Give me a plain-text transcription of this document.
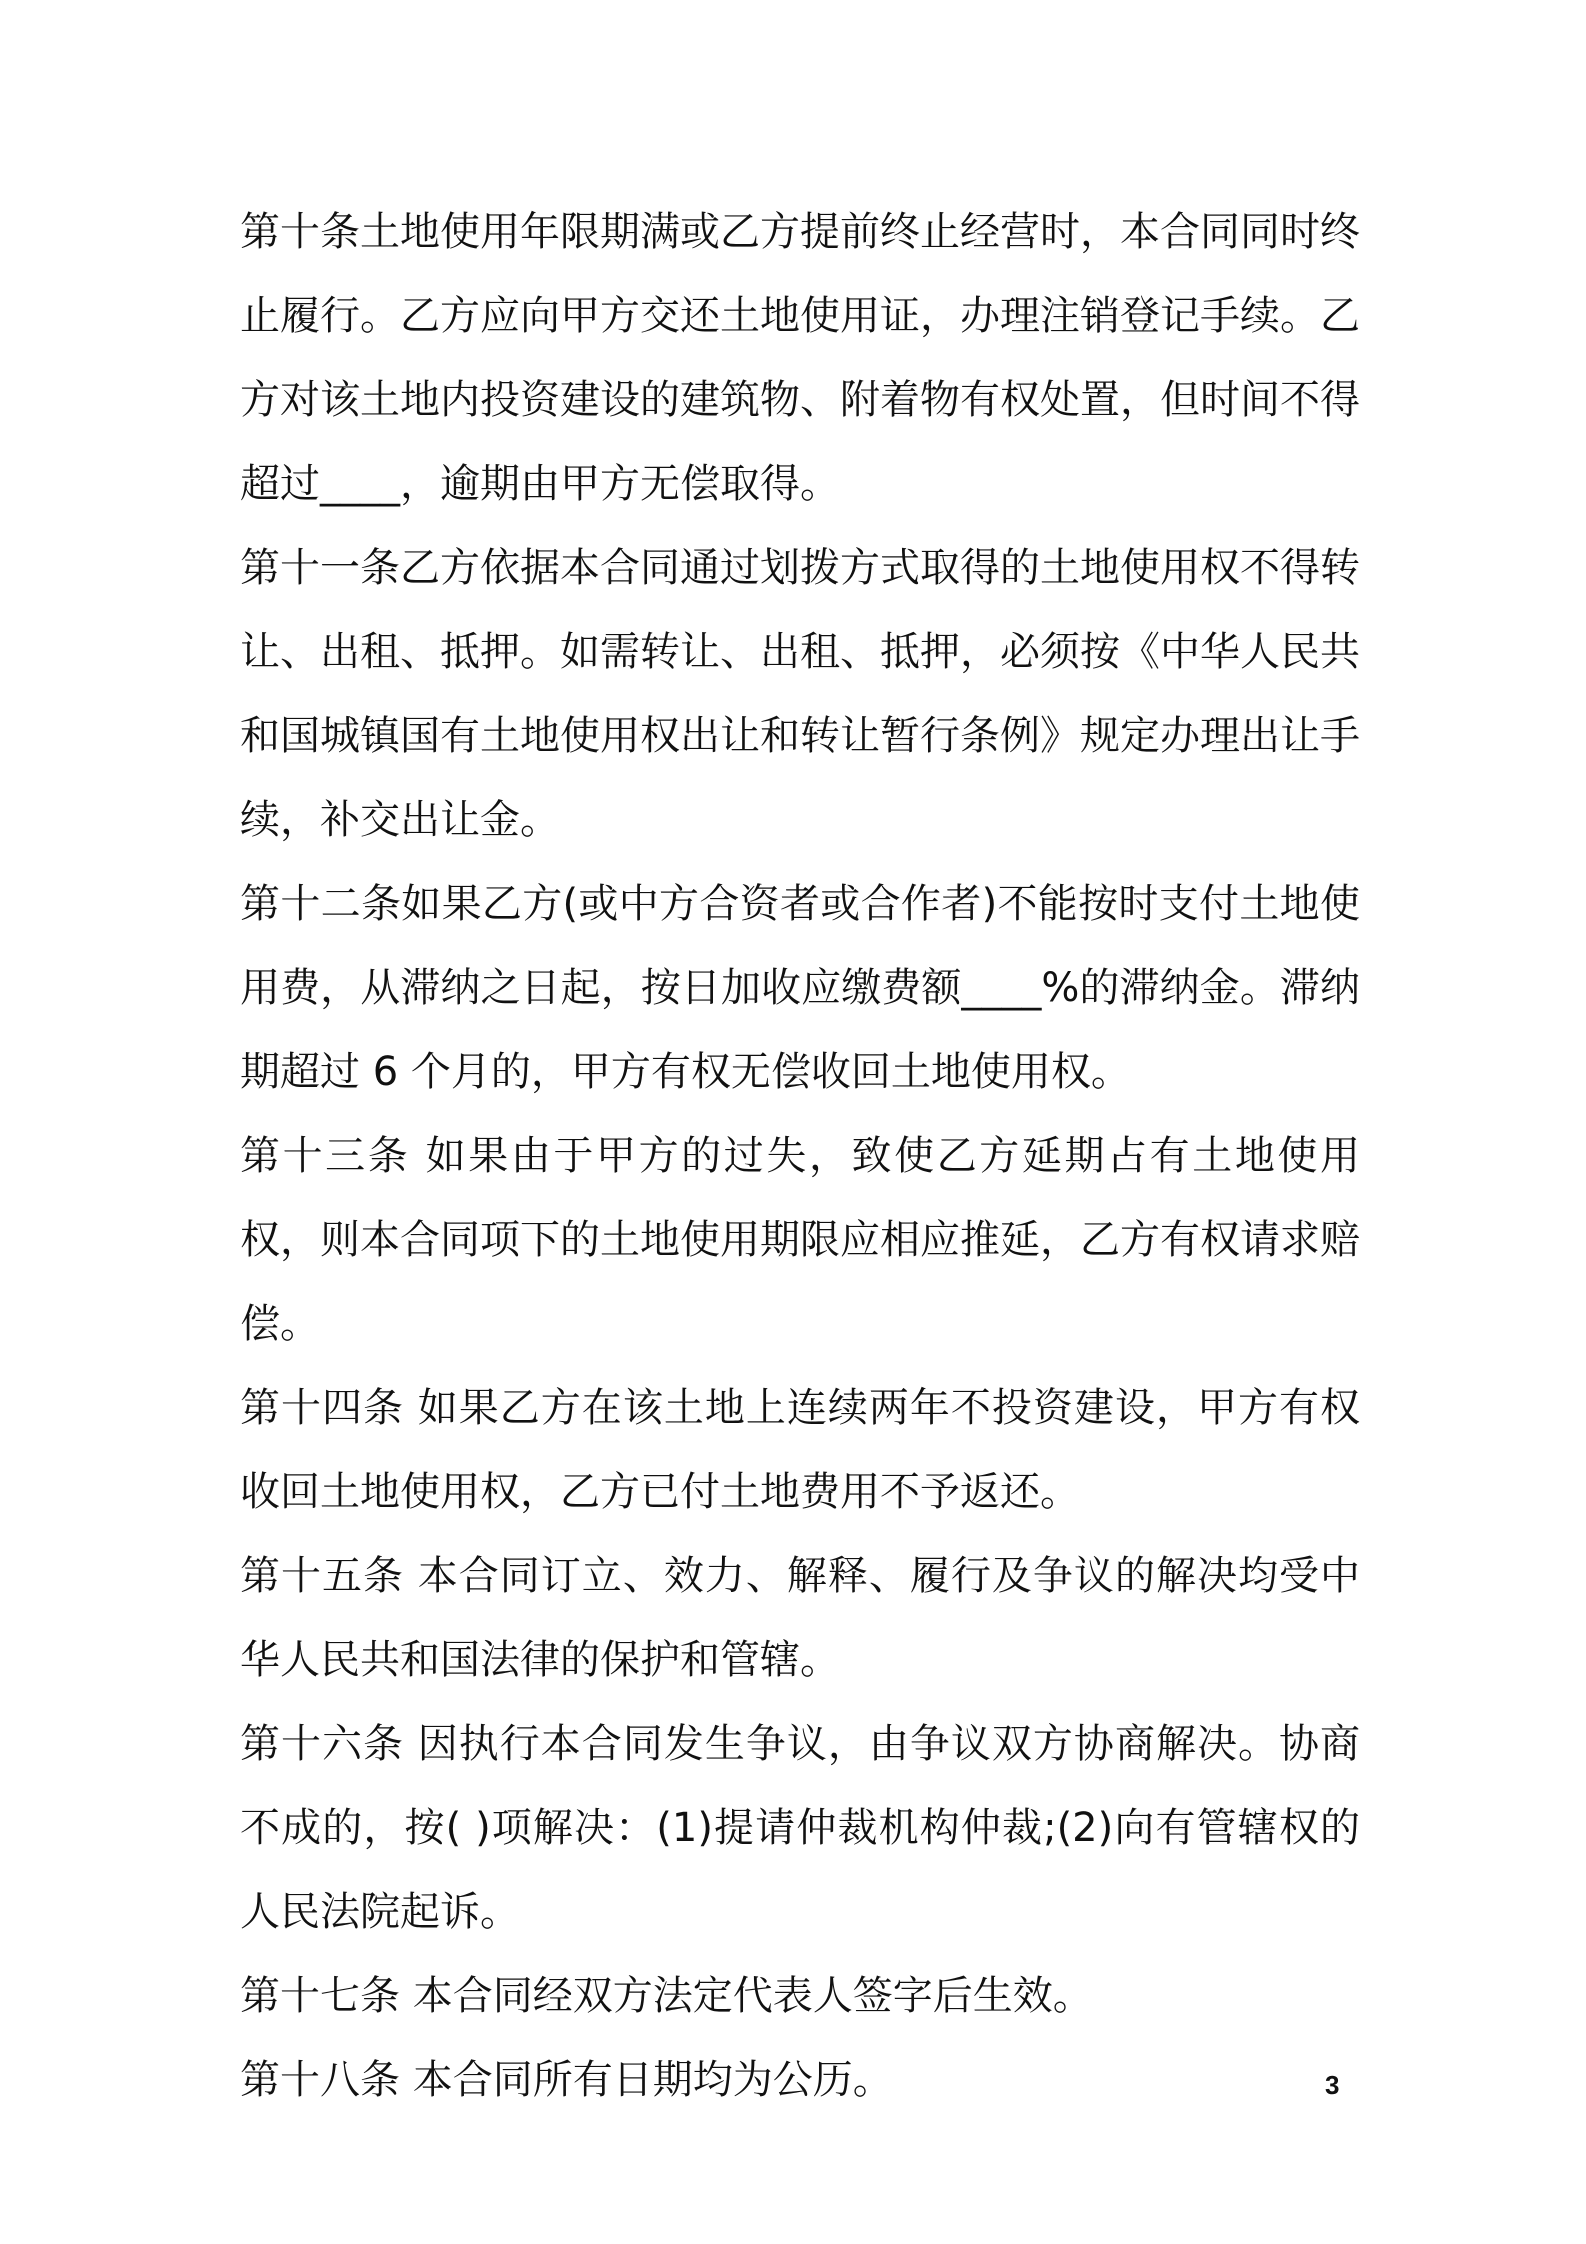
第十条土地使用年限期满或乙方提前终止经营时，本合同同时终止履行。乙方应向甲方交还土地使用证，办理注销登记手续。乙方对该土地内投资建设的建筑物、附着物有权处置，但时间不得超过____，逾期由甲方无偿取得。

第十一条乙方依据本合同通过划拨方式取得的土地使用权不得转让、出租、抵押。如需转让、出租、抵押，必须按《中华人民共和国城镇国有土地使用权出让和转让暂行条例》规定办理出让手续，补交出让金。

第十二条如果乙方(或中方合资者或合作者)不能按时支付土地使用费，从滞纳之日起，按日加收应缴费额____%的滞纳金。滞纳期超过 6 个月的，甲方有权无偿收回土地使用权。

第十三条 如果由于甲方的过失，致使乙方延期占有土地使用权，则本合同项下的土地使用期限应相应推延，乙方有权请求赔偿。

第十四条 如果乙方在该土地上连续两年不投资建设，甲方有权收回土地使用权，乙方已付土地费用不予返还。

第十五条 本合同订立、效力、解释、履行及争议的解决均受中华人民共和国法律的保护和管辖。

第十六条 因执行本合同发生争议，由争议双方协商解决。协商不成的，按( )项解决：(1)提请仲裁机构仲裁;(2)向有管辖权的人民法院起诉。

第十七条 本合同经双方法定代表人签字后生效。

第十八条 本合同所有日期均为公历。	3
